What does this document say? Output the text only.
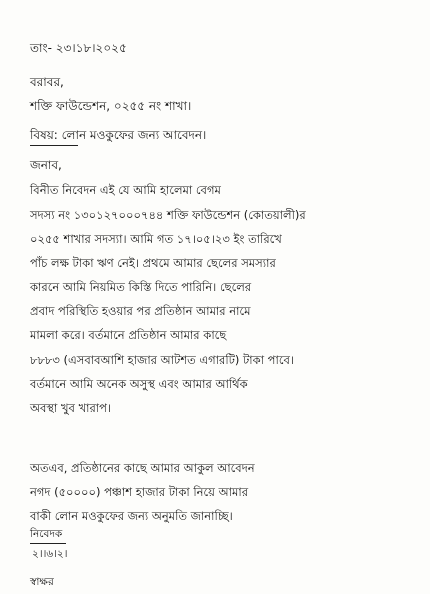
তাং- ২৩।১৮।২০২৫
বরাবর,
শক্তি ফাউন্ডেশন, ০২৫৫ নং শাখা।
বিষয়: লোন মওকুফের জন্য আবেদন।
জনাব,
বিনীত নিবেদন এই যে আমি হালেমা বেগম
সদস্য নং ১৩০১২৭০০০৭৪৪ শক্তি ফাউন্ডেশন (কোতয়ালী)র
০২৫৫ শাখার সদস্যা। আমি গত ১৭।০৫।২৩ ইং তারিখে
পাঁচ লক্ষ টাকা ঋণ নেই। প্রথমে আমার ছেলের সমস্যার
কারনে আমি নিয়মিত কিস্তি দিতে পারিনি। ছেলের
প্রবাদ পরিস্থিতি হওয়ার পর প্রতিষ্ঠান আমার নামে
মামলা করে। বর্তমানে প্রতিষ্ঠান আমার কাছে
৮৮৮৩ (এসবাবআশি হাজার আটশত এগারটি) টাকা পাবে।
বর্তমানে আমি অনেক অসুস্থ এবং আমার আর্থিক
অবস্থা খুব খারাপ।
অতএব, প্রতিষ্ঠানের কাছে আমার আকুল আবেদন
নগদ (৫০০০০) পঞ্চাশ হাজার টাকা নিয়ে আমার
বাকী লোন মওকুফের জন্য অনুমতি জানাচ্ছি।
নিবেদক
২।।৬।২।
স্বাক্ষর
